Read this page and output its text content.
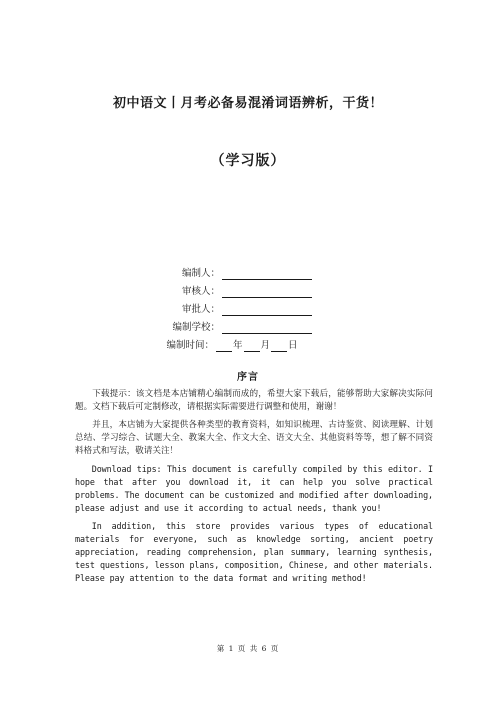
初中语文丨月考必备易混淆词语辨析，干货！
（学习版）
编制人：
审核人：
审批人：
编制学校：
编制时间： 年 月 日
序言

下载提示：该文档是本店铺精心编制而成的，希望大家下载后，能够帮助大家解决实际问题。文档下载后可定制修改，请根据实际需要进行调整和使用，谢谢！

并且，本店铺为大家提供各种类型的教育资料，如知识梳理、古诗鉴赏、阅读理解、计划总结、学习综合、试题大全、教案大全、作文大全、语文大全、其他资料等等，想了解不同资料格式和写法，敬请关注！

Download tips: This document is carefully compiled by this editor. I hope that after you download it, it can help you solve practical problems. The document can be customized and modified after downloading, please adjust and use it according to actual needs, thank you!

In addition, this store provides various types of educational materials for everyone, such as knowledge sorting, ancient poetry appreciation, reading comprehension, plan summary, learning synthesis, test questions, lesson plans, composition, Chinese, and other materials. Please pay attention to the data format and writing method!

第 1 页 共 6 页
